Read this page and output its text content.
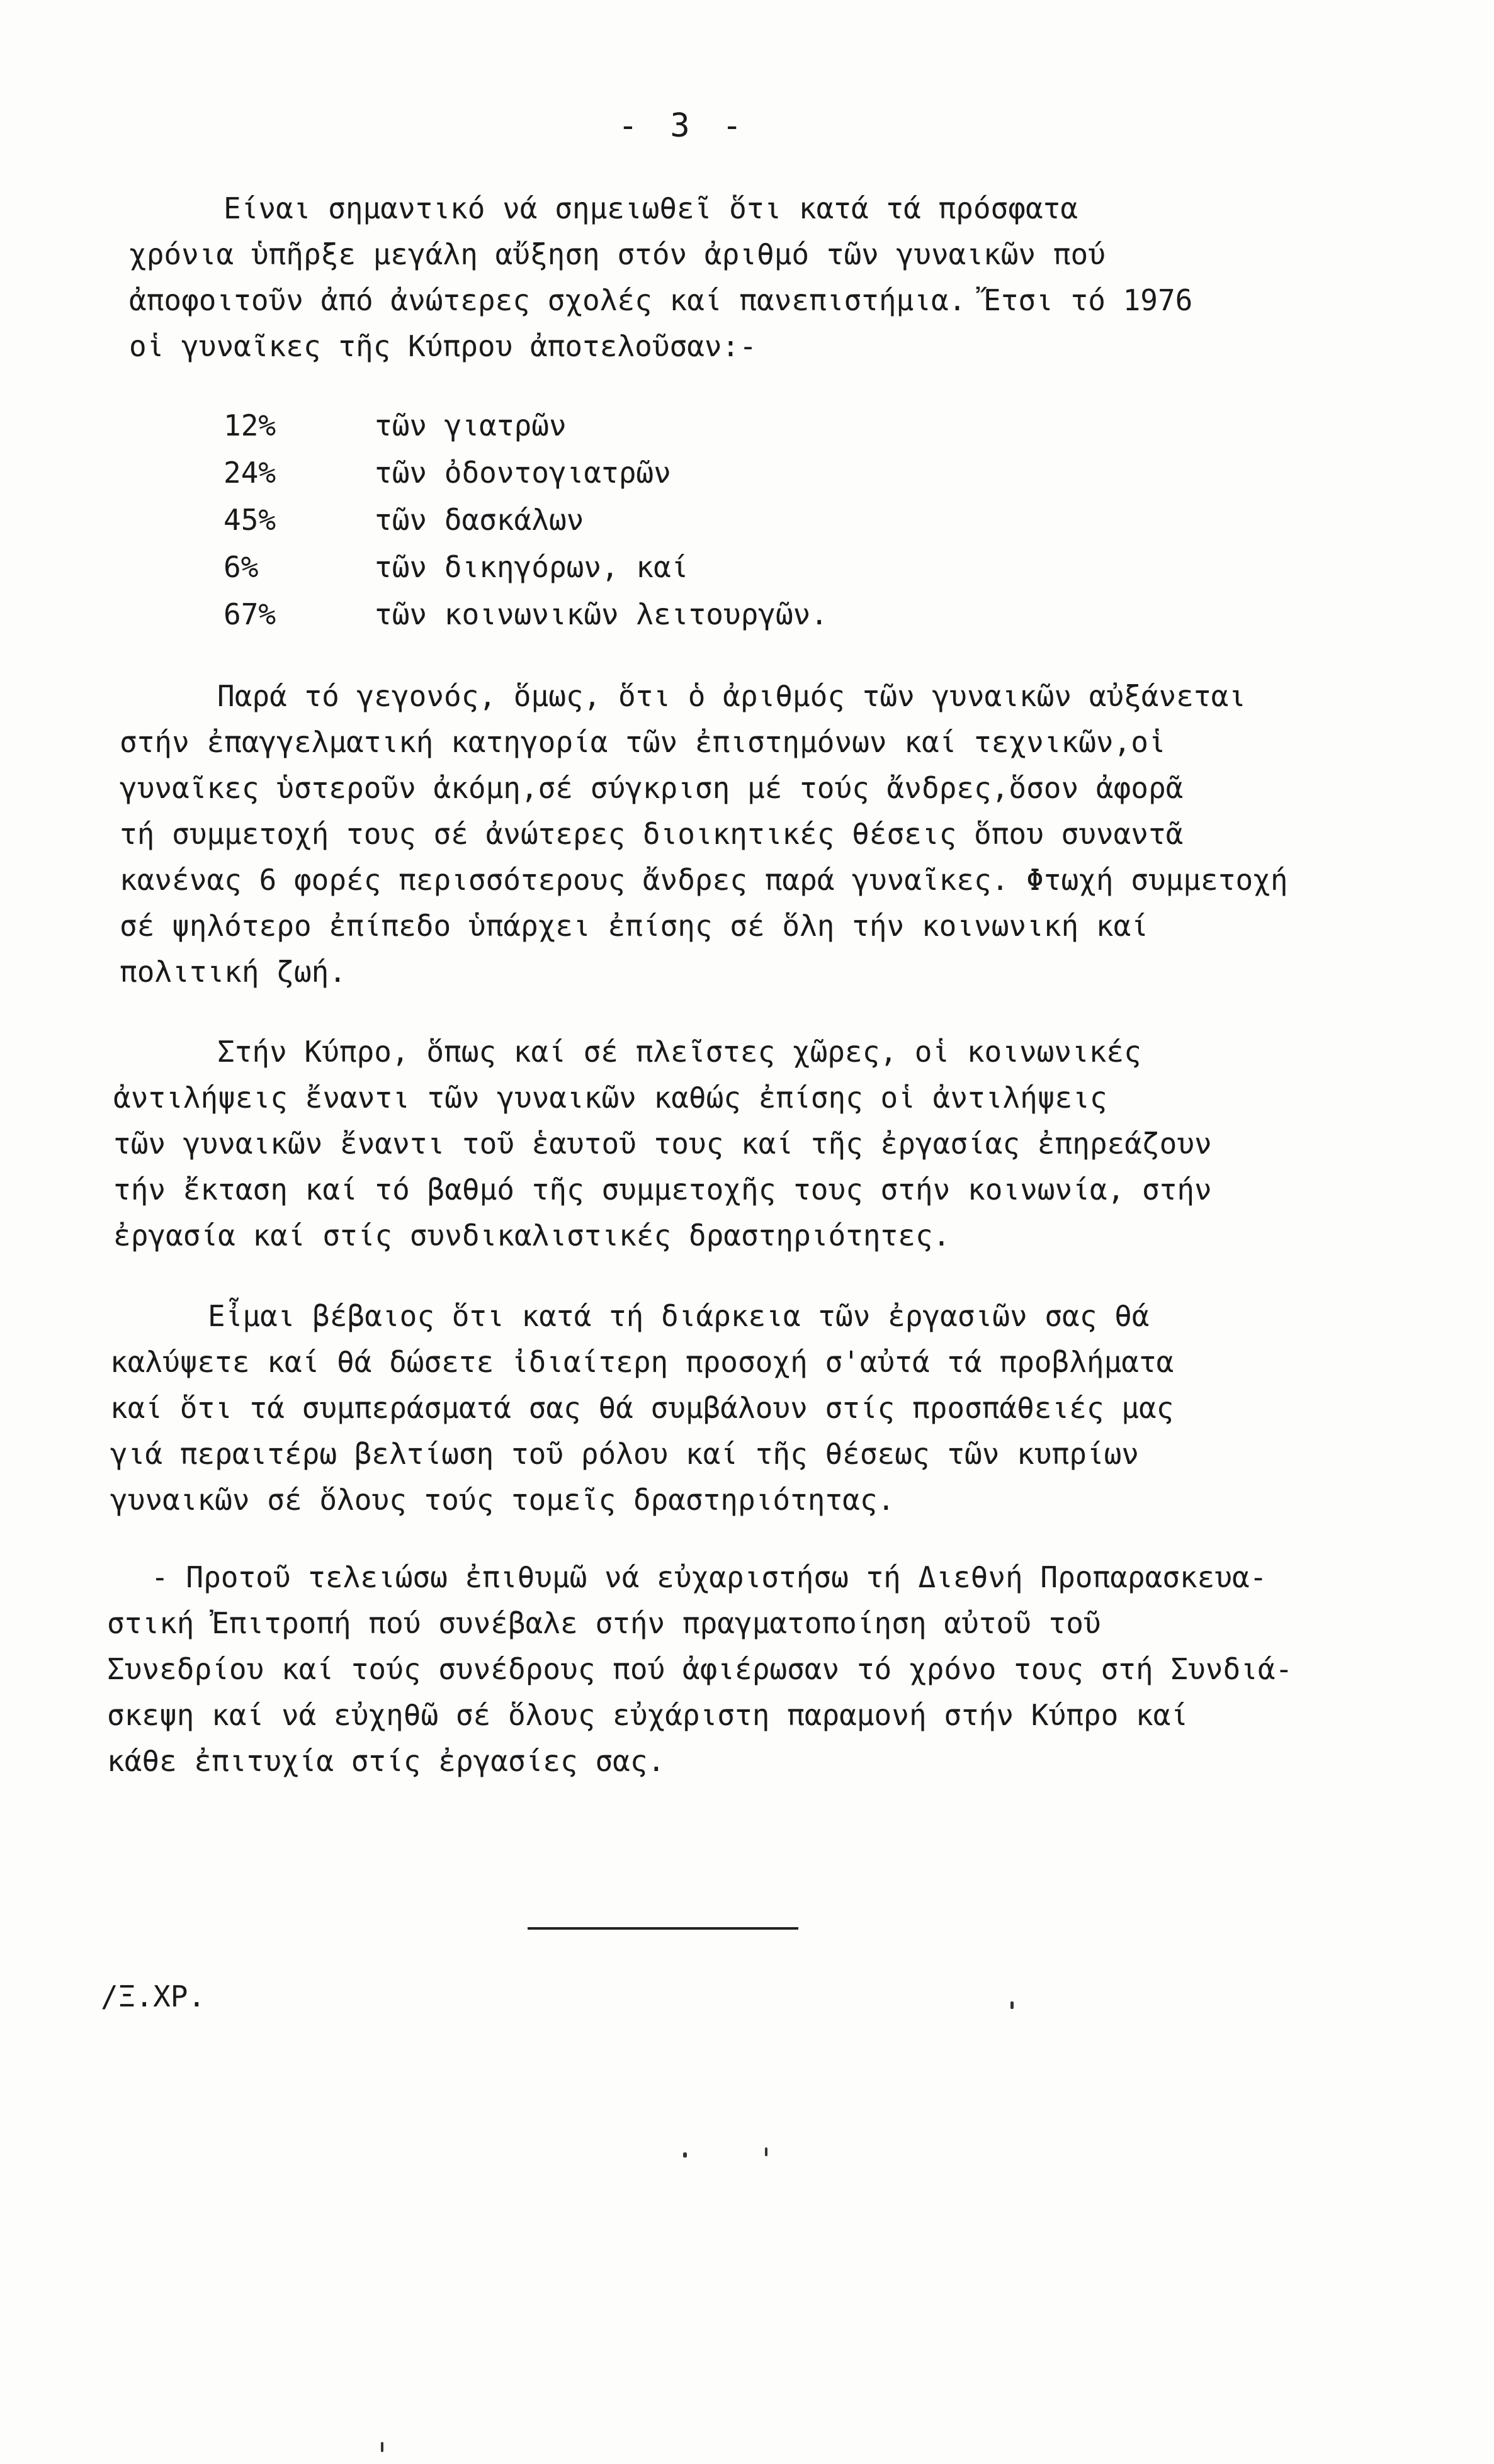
- 3 -
Είναι σημαντικό νά σημειωθεῖ ὅτι κατά τά πρόσφατα
χρόνια ὑπῆρξε μεγάλη αὔξηση στόν ἀριθμό τῶν γυναικῶν πού
ἀποφοιτοῦν ἀπό ἀνώτερες σχολές καί πανεπιστήμια. Ἔτσι τό 1976
οἱ γυναῖκες τῆς Κύπρου ἀποτελοῦσαν:-
12%	τῶν γιατρῶν
24%	τῶν ὀδοντογιατρῶν
45%	τῶν δασκάλων
6%	τῶν δικηγόρων, καί
67%	τῶν κοινωνικῶν λειτουργῶν.
Παρά τό γεγονός, ὅμως, ὅτι ὁ ἀριθμός τῶν γυναικῶν αὐξάνεται
στήν ἐπαγγελματική κατηγορία τῶν ἐπιστημόνων καί τεχνικῶν,οἱ
γυναῖκες ὑστεροῦν ἀκόμη,σέ σύγκριση μέ τούς ἄνδρες,ὅσον ἀφορᾶ
τή συμμετοχή τους σέ ἀνώτερες διοικητικές θέσεις ὅπου συναντᾶ
κανένας 6 φορές περισσότερους ἄνδρες παρά γυναῖκες. Φτωχή συμμετοχή
σέ ψηλότερο ἐπίπεδο ὑπάρχει ἐπίσης σέ ὅλη τήν κοινωνική καί
πολιτική ζωή.
Στήν Κύπρο, ὅπως καί σέ πλεῖστες χῶρες, οἱ κοινωνικές
ἀντιλήψεις ἔναντι τῶν γυναικῶν καθώς ἐπίσης οἱ ἀντιλήψεις
τῶν γυναικῶν ἔναντι τοῦ ἑαυτοῦ τους καί τῆς ἐργασίας ἐπηρεάζουν
τήν ἔκταση καί τό βαθμό τῆς συμμετοχῆς τους στήν κοινωνία, στήν
ἐργασία καί στίς συνδικαλιστικές δραστηριότητες.
Εἶμαι βέβαιος ὅτι κατά τή διάρκεια τῶν ἐργασιῶν σας θά
καλύψετε καί θά δώσετε ἰδιαίτερη προσοχή σ'αὐτά τά προβλήματα
καί ὅτι τά συμπεράσματά σας θά συμβάλουν στίς προσπάθειές μας
γιά περαιτέρω βελτίωση τοῦ ρόλου καί τῆς θέσεως τῶν κυπρίων
γυναικῶν σέ ὅλους τούς τομεῖς δραστηριότητας.
- Προτοῦ τελειώσω ἐπιθυμῶ νά εὐχαριστήσω τή Διεθνή Προπαρασκευα-
στική Ἐπιτροπή πού συνέβαλε στήν πραγματοποίηση αὐτοῦ τοῦ
Συνεδρίου καί τούς συνέδρους πού ἀφιέρωσαν τό χρόνο τους στή Συνδιά-
σκεψη καί νά εὐχηθῶ σέ ὅλους εὐχάριστη παραμονή στήν Κύπρο καί
κάθε ἐπιτυχία στίς ἐργασίες σας.
/Ξ.ΧΡ.
